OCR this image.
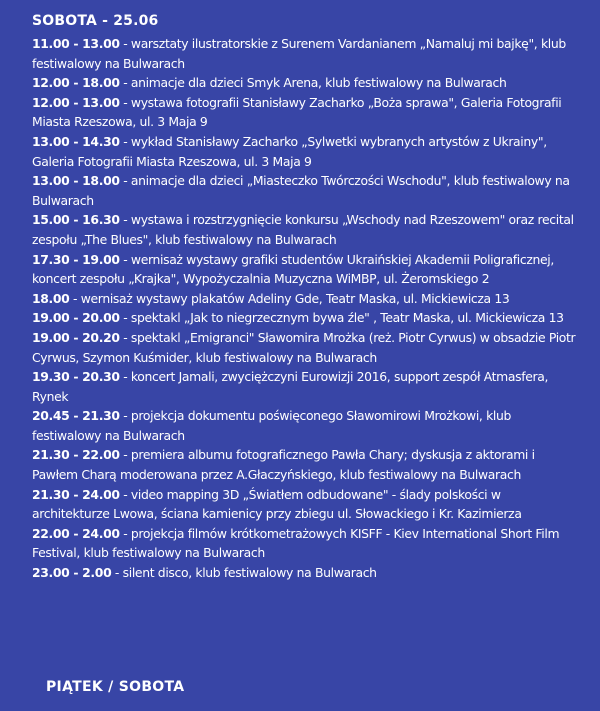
SOBOTA - 25.06
11.00 - 13.00 - warsztaty ilustratorskie z Surenem Vardanianem „Namaluj mi bajkę", klub festiwalowy na Bulwarach
12.00 - 18.00 - animacje dla dzieci Smyk Arena, klub festiwalowy na Bulwarach
12.00 - 13.00 - wystawa fotografii Stanisławy Zacharko „Boża sprawa", Galeria Fotografii Miasta Rzeszowa, ul. 3 Maja 9
13.00 - 14.30 - wykład Stanisławy Zacharko „Sylwetki wybranych artystów z Ukrainy", Galeria Fotografii Miasta Rzeszowa, ul. 3 Maja 9
13.00 - 18.00 - animacje dla dzieci „Miasteczko Twórczości Wschodu", klub festiwalowy na Bulwarach
15.00 - 16.30 - wystawa i rozstrzygnięcie konkursu „Wschody nad Rzeszowem" oraz recital zespołu „The Blues", klub festiwalowy na Bulwarach
17.30 - 19.00 - wernisaż wystawy grafiki studentów Ukraińskiej Akademii Poligraficznej, koncert zespołu „Krajka", Wypożyczalnia Muzyczna WiMBP, ul. Żeromskiego 2
18.00 - wernisaż wystawy plakatów Adeliny Gde, Teatr Maska, ul. Mickiewicza 13
19.00 - 20.00 - spektakl „Jak to niegrzecznym bywa źle" , Teatr Maska, ul. Mickiewicza 13
19.00 - 20.20 - spektakl „Emigranci" Sławomira Mrożka (reż. Piotr Cyrwus) w obsadzie Piotr Cyrwus, Szymon Kuśmider, klub festiwalowy na Bulwarach
19.30 - 20.30 - koncert Jamali, zwyciężczyni Eurowizji 2016, support zespół Atmasfera, Rynek
20.45 - 21.30 - projekcja dokumentu poświęconego Sławomirowi Mrożkowi, klub festiwalowy na Bulwarach
21.30 - 22.00 - premiera albumu fotograficznego Pawła Chary; dyskusja z aktorami i Pawłem Charą moderowana przez A.Głaczyńskiego, klub festiwalowy na Bulwarach
21.30 - 24.00 - video mapping 3D „Światłem odbudowane" - ślady polskości w architekturze Lwowa, ściana kamienicy przy zbiegu ul. Słowackiego i Kr. Kazimierza
22.00 - 24.00 - projekcja filmów krótkometrażowych KISFF - Kiev International Short Film Festival, klub festiwalowy na Bulwarach
23.00 - 2.00 - silent disco, klub festiwalowy na Bulwarach
PIĄTEK / SOBOTA
